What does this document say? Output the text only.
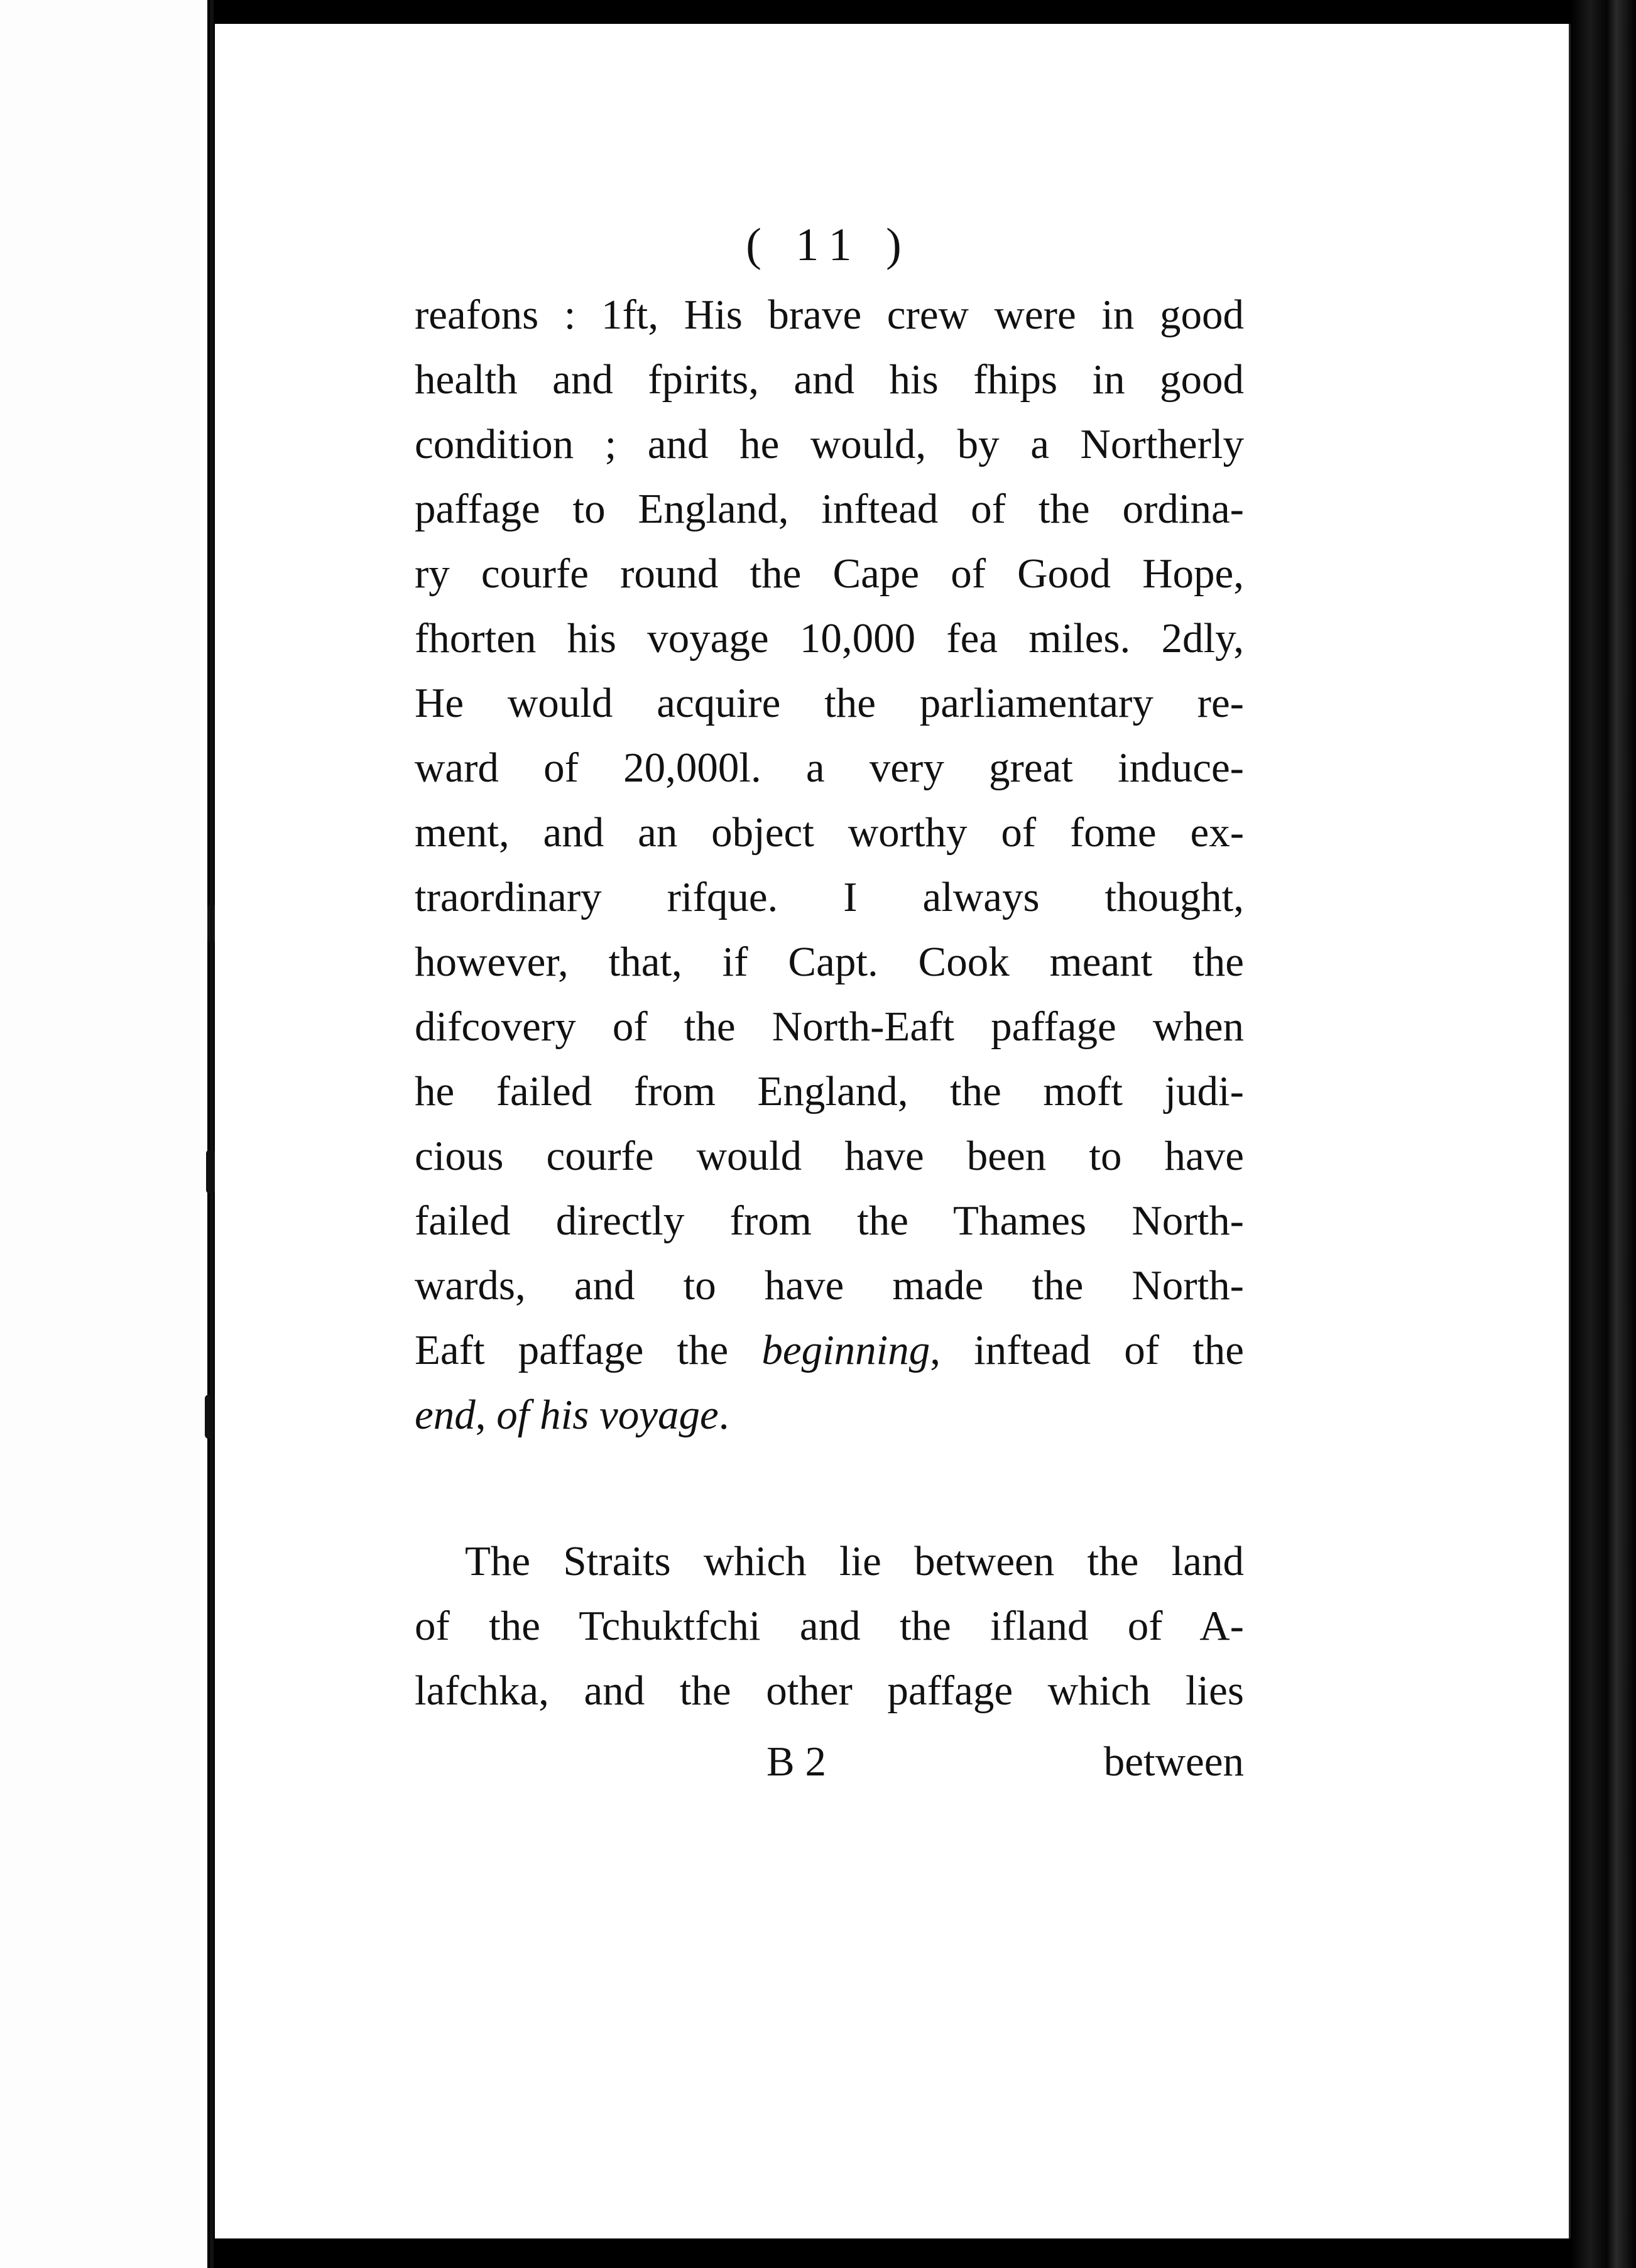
( 11 )
reafons : 1ft, His brave crew were in good
health and fpirits, and his fhips in good
condition ; and he would, by a Northerly
paffage to England, inftead of the ordina-
ry courfe round the Cape of Good Hope,
fhorten his voyage 10,000 fea miles. 2dly,
He would acquire the parliamentary re-
ward of 20,000l. a very great induce-
ment, and an object worthy of fome ex-
traordinary rifque. I always thought,
however, that, if Capt. Cook meant the
difcovery of the North-Eaft paffage when
he failed from England, the moft judi-
cious courfe would have been to have
failed directly from the Thames North-
wards, and to have made the North-
Eaft paffage the beginning, inftead of the
end, of his voyage.
The Straits which lie between the land
of the Tchuktfchi and the ifland of A-
lafchka, and the other paffage which lies
B 2	between
